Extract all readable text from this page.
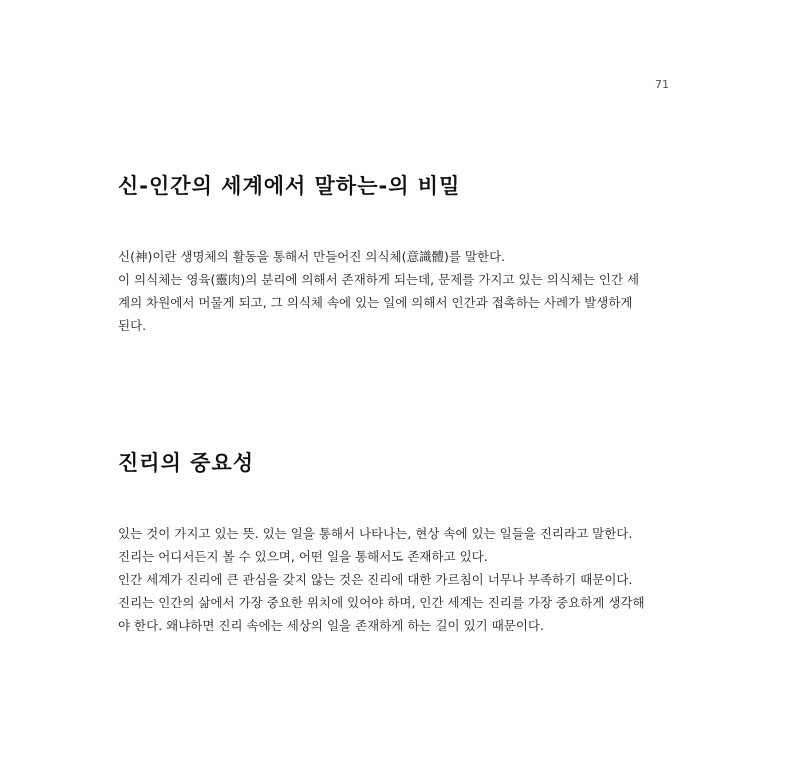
71
신-인간의 세계에서 말하는-의 비밀

신(神)이란 생명체의 활동을 통해서 만들어진 의식체(意識體)를 말한다.
이 의식체는 영육(靈肉)의 분리에 의해서 존재하게 되는데, 문제를 가지고 있는 의식체는 인간 세
계의 차원에서 머물게 되고, 그 의식체 속에 있는 일에 의해서 인간과 접촉하는 사례가 발생하게
된다.

진리의 중요성

있는 것이 가지고 있는 뜻. 있는 일을 통해서 나타나는, 현상 속에 있는 일들을 진리라고 말한다.
진리는 어디서든지 볼 수 있으며, 어떤 일을 통해서도 존재하고 있다.
인간 세계가 진리에 큰 관심을 갖지 않는 것은 진리에 대한 가르침이 너무나 부족하기 때문이다.
진리는 인간의 삶에서 가장 중요한 위치에 있어야 하며, 인간 세계는 진리를 가장 중요하게 생각해
야 한다. 왜냐하면 진리 속에는 세상의 일을 존재하게 하는 길이 있기 때문이다.
